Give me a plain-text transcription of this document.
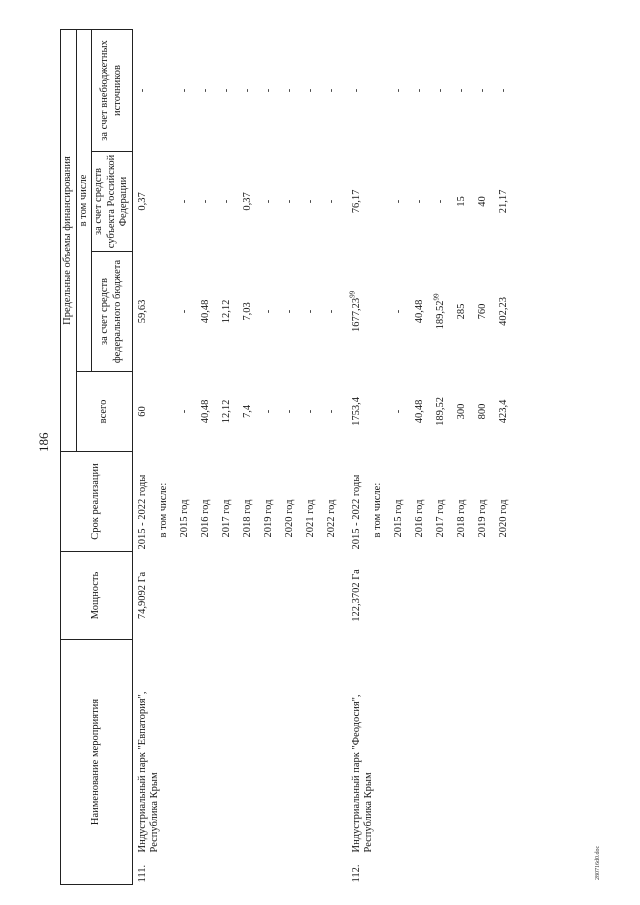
186
Наименование мероприятия		Мощность	Срок реализации	Предельные объемы финансирования			
				всего	в том числе		
					за счет средств федерального бюджета	за счет средств субъекта Российской Федерации	за счет внебюджетных источников
111.	Индустриальный парк "Евпатория", Республика Крым	74,9092 Га	2015 - 2022 годы	60	59,63	0,37	-
			в том числе:				
			2015 год	-	-	-	-
			2016 год	40,48	40,48	-	-
			2017 год	12,12	12,12	-	-
			2018 год	7,4	7,03	0,37	-
			2019 год	-	-	-	-
			2020 год	-	-	-	-
			2021 год	-	-	-	-
			2022 год	-	-	-	-
112.	Индустриальный парк "Феодосия", Республика Крым	122,3702 Га	2015 - 2022 годы	1753,4	1677,23$^{99}$	76,17	-
			в том числе:				
			2015 год	-	-	-	-
			2016 год	40,48	40,48	-	-
			2017 год	189,52	189,52$^{99}$	-	-
			2018 год	300	285	15	-
			2019 год	800	760	40	-
			2020 год	423,4	402,23	21,17	-
280716d0.doc
